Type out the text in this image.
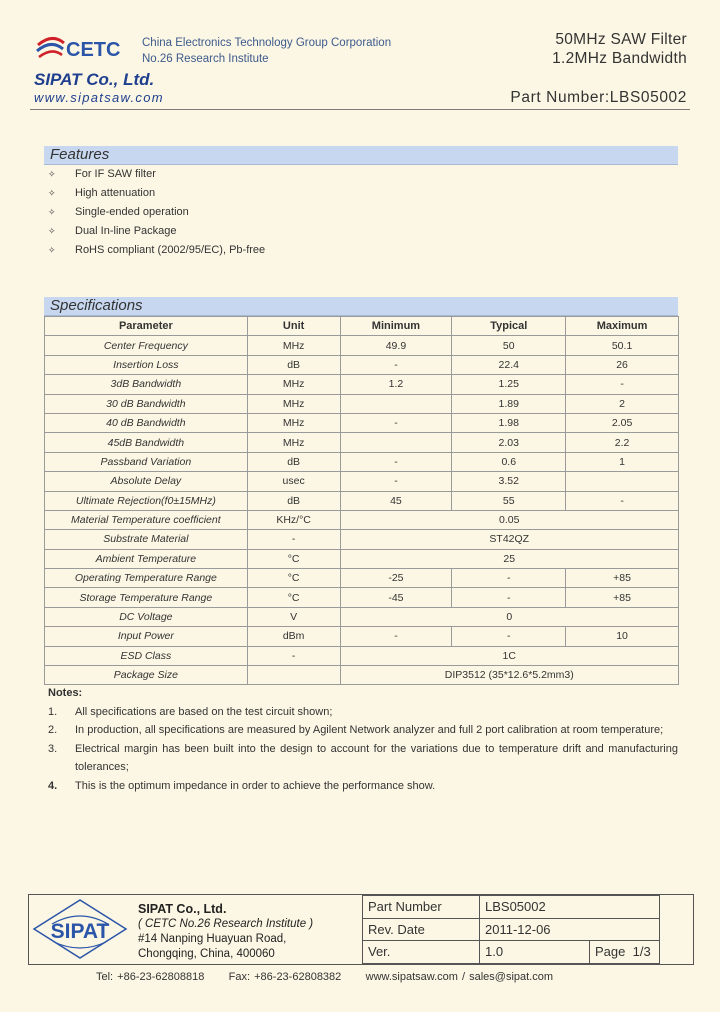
CETC China Electronics Technology Group Corporation
No.26 Research Institute
50MHz SAW Filter
1.2MHz Bandwidth
SIPAT Co., Ltd.
www.sipatsaw.com	Part Number:LBS05002
Features
✧ For IF SAW filter
✧ High attenuation
✧ Single-ended operation
✧ Dual In-line Package
✧ RoHS compliant (2002/95/EC), Pb-free
Specifications
Parameter	Unit	Minimum	Typical	Maximum
Center Frequency	MHz	49.9	50	50.1
Insertion Loss	dB	-	22.4	26
3dB Bandwidth	MHz	1.2	1.25	-
30 dB Bandwidth	MHz		1.89	2
40 dB Bandwidth	MHz	-	1.98	2.05
45dB Bandwidth	MHz		2.03	2.2
Passband Variation	dB	-	0.6	1
Absolute Delay	usec	-	3.52	
Ultimate Rejection(f0±15MHz)	dB	45	55	-
Material Temperature coefficient	KHz/°C	0.05		
Substrate Material	-	ST42QZ		
Ambient Temperature	°C	25		
Operating Temperature Range	°C	-25	-	+85
Storage Temperature Range	°C	-45	-	+85
DC Voltage	V	0		
Input Power	dBm	-	-	10
ESD Class	-	1C		
Package Size		DIP3512 (35*12.6*5.2mm3)		
Notes:
1.	All specifications are based on the test circuit shown;
2.	In production, all specifications are measured by Agilent Network analyzer and full 2 port calibration at room temperature;
3.	Electrical margin has been built into the design to account for the variations due to temperature drift and manufacturing tolerances;
4.	This is the optimum impedance in order to achieve the performance show.
SIPAT
SIPAT Co., Ltd.
( CETC No.26 Research Institute )
#14 Nanping Huayuan Road,
Chongqing, China, 400060
Part Number	LBS05002	
Rev. Date	2011-12-06	
Ver.	1.0	Page 1/3
Tel: +86-23-62808818      Fax: +86-23-62808382      www.sipatsaw.com / sales@sipat.com
